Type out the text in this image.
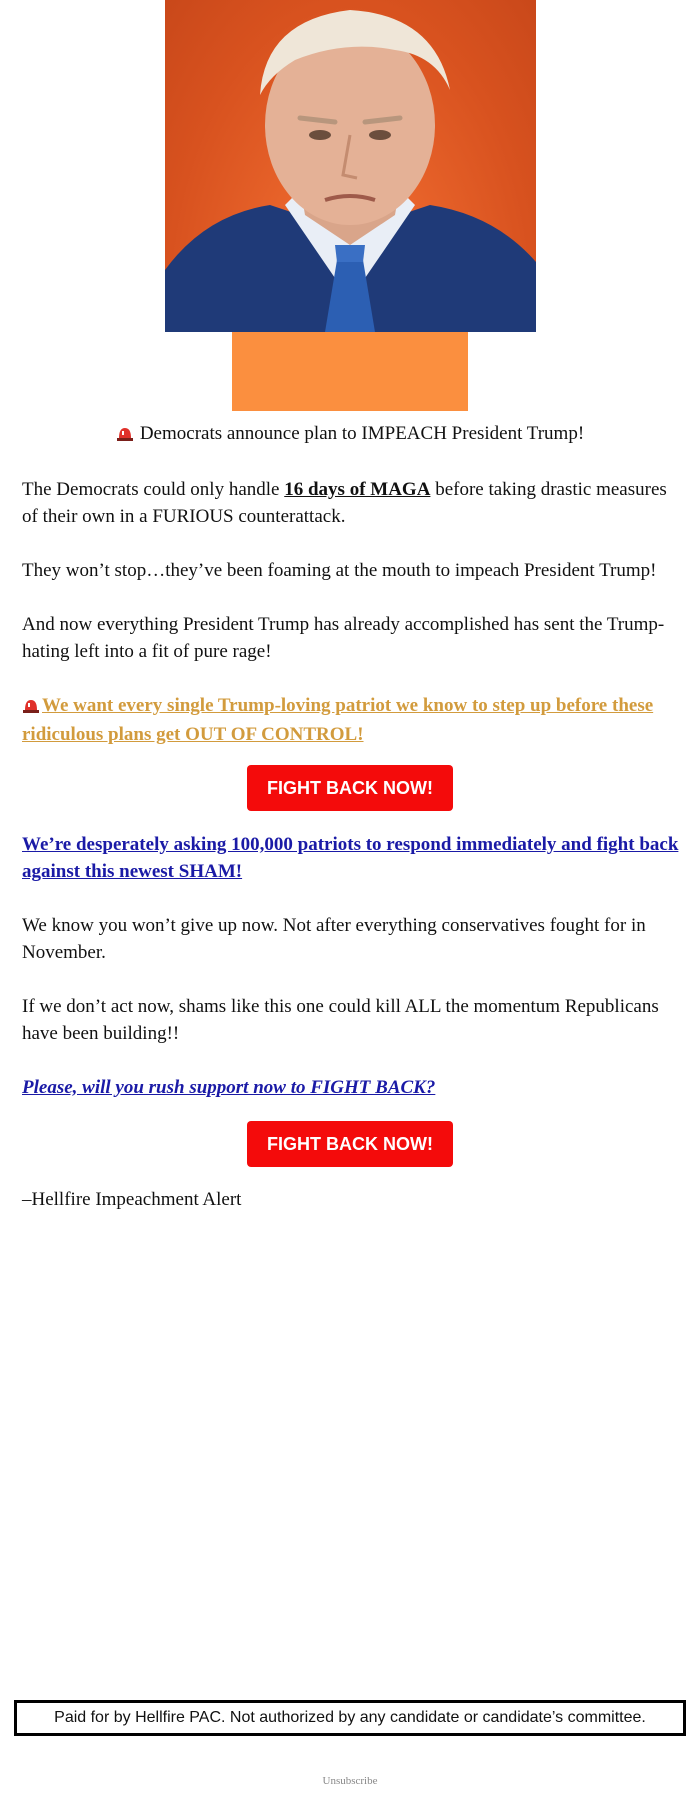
Democrats announce plan to IMPEACH President Trump!

The Democrats could only handle 16 days of MAGA before taking drastic measures of their own in a FURIOUS counterattack.

They won’t stop…they’ve been foaming at the mouth to impeach President Trump!

And now everything President Trump has already accomplished has sent the Trump-hating left into a fit of pure rage!

We want every single Trump-loving patriot we know to step up before these ridiculous plans get OUT OF CONTROL!

FIGHT BACK NOW!

We’re desperately asking 100,000 patriots to respond immediately and fight back against this newest SHAM!

We know you won’t give up now. Not after everything conservatives fought for in November.

If we don’t act now, shams like this one could kill ALL the momentum Republicans have been building!!

Please, will you rush support now to FIGHT BACK?

FIGHT BACK NOW!

–Hellfire Impeachment Alert

Paid for by Hellfire PAC. Not authorized by any candidate or candidate’s committee.
Unsubscribe
